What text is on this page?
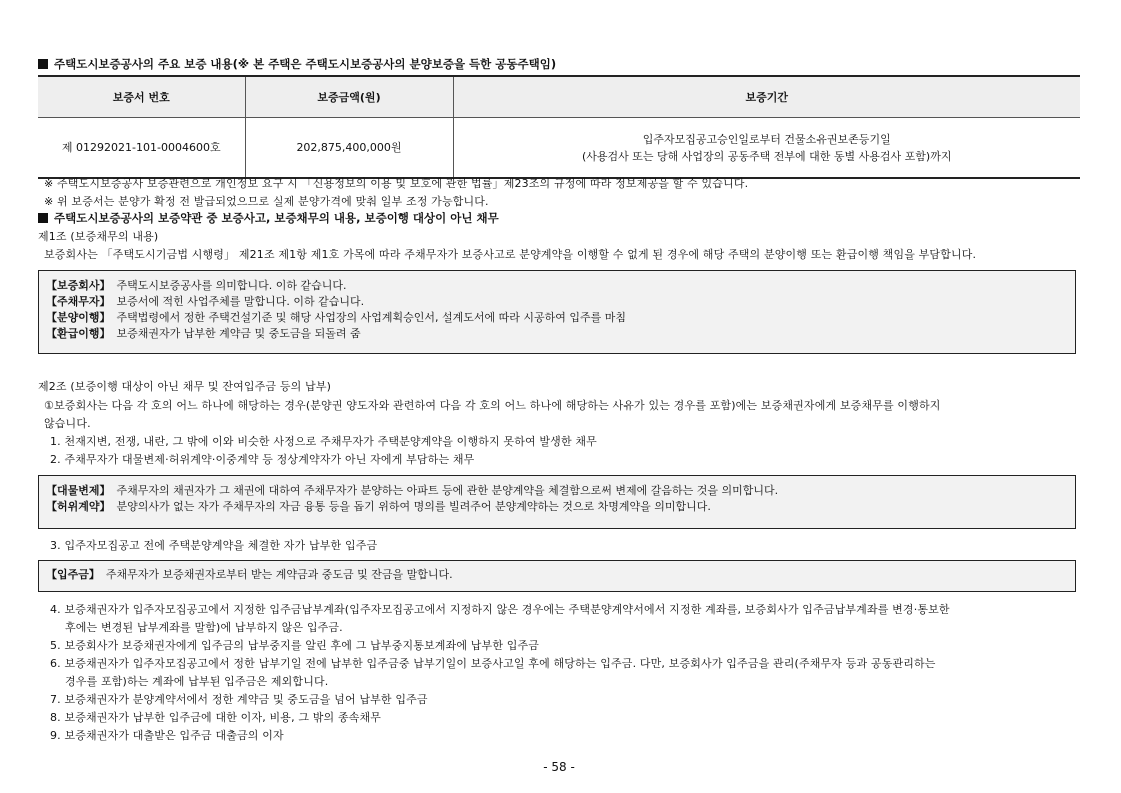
주택도시보증공사의 주요 보증 내용(※ 본 주택은 주택도시보증공사의 분양보증을 득한 공동주택임)
보증서 번호	보증금액(원)	보증기간
제 01292021-101-0004600호	202,875,400,000원	입주자모집공고승인일로부터 건물소유권보존등기일
(사용검사 또는 당해 사업장의 공동주택 전부에 대한 동별 사용검사 포함)까지
※ 주택도시보증공사 보증관련으로 개인정보 요구 시 「신용정보의 이용 및 보호에 관한 법률」제23조의 규정에 따라 정보제공을 할 수 있습니다.
※ 위 보증서는 분양가 확정 전 발급되었으므로 실제 분양가격에 맞춰 일부 조정 가능합니다.
주택도시보증공사의 보증약관 중 보증사고, 보증채무의 내용, 보증이행 대상이 아닌 채무
제1조 (보증채무의 내용)
보증회사는 「주택도시기금법 시행령」 제21조 제1항 제1호 가목에 따라 주채무자가 보증사고로 분양계약을 이행할 수 없게 된 경우에 해당 주택의 분양이행 또는 환급이행 책임을 부담합니다.
【보증회사】 주택도시보증공사를 의미합니다. 이하 같습니다.
【주채무자】 보증서에 적힌 사업주체를 말합니다. 이하 같습니다.
【분양이행】 주택법령에서 정한 주택건설기준 및 해당 사업장의 사업계획승인서, 설계도서에 따라 시공하여 입주를 마침
【환급이행】 보증채권자가 납부한 계약금 및 중도금을 되돌려 줌
제2조 (보증이행 대상이 아닌 채무 및 잔여입주금 등의 납부)
①보증회사는 다음 각 호의 어느 하나에 해당하는 경우(분양권 양도자와 관련하여 다음 각 호의 어느 하나에 해당하는 사유가 있는 경우를 포함)에는 보증채권자에게 보증채무를 이행하지
않습니다.
1. 천재지변, 전쟁, 내란, 그 밖에 이와 비슷한 사정으로 주채무자가 주택분양계약을 이행하지 못하여 발생한 채무
2. 주채무자가 대물변제·허위계약·이중계약 등 정상계약자가 아닌 자에게 부담하는 채무
【대물변제】 주채무자의 채권자가 그 채권에 대하여 주채무자가 분양하는 아파트 등에 관한 분양계약을 체결함으로써 변제에 갈음하는 것을 의미합니다.
【허위계약】 분양의사가 없는 자가 주채무자의 자금 융통 등을 돕기 위하여 명의를 빌려주어 분양계약하는 것으로 차명계약을 의미합니다.
3. 입주자모집공고 전에 주택분양계약을 체결한 자가 납부한 입주금
【입주금】 주채무자가 보증채권자로부터 받는 계약금과 중도금 및 잔금을 말합니다.
4. 보증채권자가 입주자모집공고에서 지정한 입주금납부계좌(입주자모집공고에서 지정하지 않은 경우에는 주택분양계약서에서 지정한 계좌를, 보증회사가 입주금납부계좌를 변경·통보한
후에는 변경된 납부계좌를 말함)에 납부하지 않은 입주금.
5. 보증회사가 보증채권자에게 입주금의 납부중지를 알린 후에 그 납부중지통보계좌에 납부한 입주금
6. 보증채권자가 입주자모집공고에서 정한 납부기일 전에 납부한 입주금중 납부기일이 보증사고일 후에 해당하는 입주금. 다만, 보증회사가 입주금을 관리(주채무자 등과 공동관리하는
경우를 포함)하는 계좌에 납부된 입주금은 제외합니다.
7. 보증채권자가 분양계약서에서 정한 계약금 및 중도금을 넘어 납부한 입주금
8. 보증채권자가 납부한 입주금에 대한 이자, 비용, 그 밖의 종속채무
9. 보증채권자가 대출받은 입주금 대출금의 이자
- 58 -
